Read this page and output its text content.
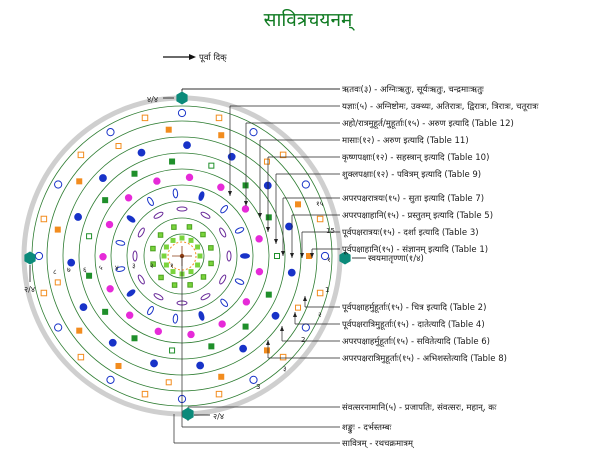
सावित्रचयनम्
पूर्वा दिक्
४/४
२/४
२/४
स्वयमातृण्णा(१/४)
१५
15
1
१
२
2
३
3
१
२
३
४
५
६
७
८
ऋतवः(३) - अग्निःऋतुः, सूर्यःऋतुः, चन्द्रमाःऋतुः
यज्ञाः(५) - अग्निष्टोमः, उक्थ्यः, अतिरात्रः, द्विरात्रः, त्रिरात्रः, चतूरात्रः
अहो/रात्रमुहूर्त/मुहूर्ताः(१५) - अरुण इत्यादि (Table 12)
मासाः(१२) - अरुण इत्यादि (Table 11)
कृष्णपक्षाः(१२) - सहस्त्रान् इत्यादि (Table 10)
शुक्लपक्षाः(१२) - पवित्रम् इत्यादि (Table 9)
अपरपक्षरात्रयः(१५) - सुता इत्यादि (Table 7)
अपरपक्षाहानि(१५) - प्रस्तुतम् इत्यादि (Table 5)
पूर्वपक्षरात्रयः(१५) - दर्शा इत्यादि (Table 3)
पूर्वपक्षाहानि(१५) - संज्ञानम् इत्यादि (Table 1)
पूर्वपक्षाहर्मुहूर्ताः(१५) - चित्र इत्यादि (Table 2)
पूर्वपक्षरात्रिमुहूर्ताः(१५) - दातेत्यादि (Table 4)
अपरपक्षाहर्मुहूर्ताः(१५) - सवितेत्यादि (Table 6)
अपरपक्षरात्रिमुहूर्ताः(१५) - अभिशस्तेत्यादि (Table 8)
संवत्सरनामानि(५) - प्रजापतिः, संवत्सरः, महान्, कः
शङ्कुः - दर्भस्तम्बः
सावित्रम् - रथचक्रमात्रम्
